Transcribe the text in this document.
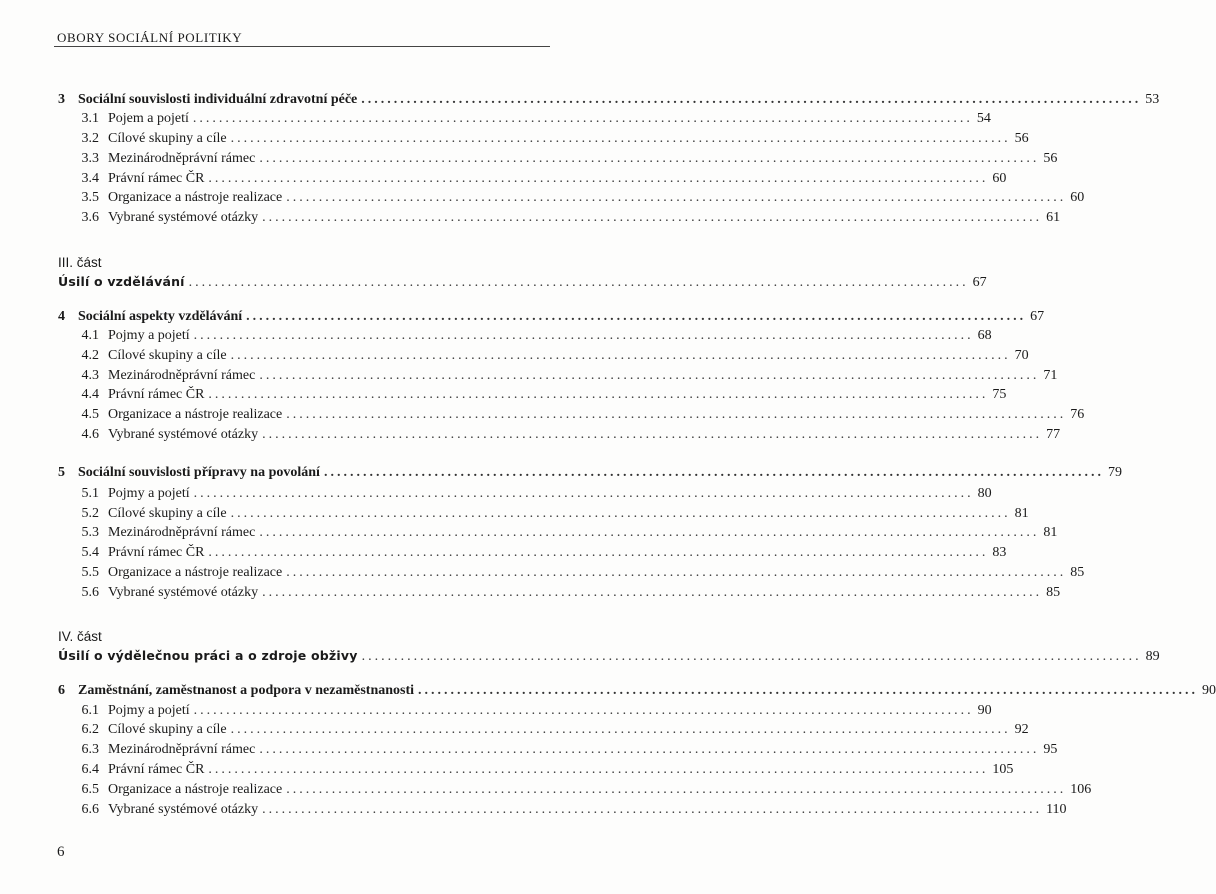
OBORY SOCIÁLNÍ POLITIKY
3 Sociální souvislosti individuální zdravotní péče ........................................................................................................................ 53
3.1 Pojem a pojetí ........................................................................................................................ 54
3.2 Cílové skupiny a cíle ........................................................................................................................ 56
3.3 Mezinárodněprávní rámec ........................................................................................................................ 56
3.4 Právní rámec ČR ........................................................................................................................ 60
3.5 Organizace a nástroje realizace ........................................................................................................................ 60
3.6 Vybrané systémové otázky ........................................................................................................................ 61
III. část
Úsilí o vzdělávání ........................................................................................................................ 67
4 Sociální aspekty vzdělávání ........................................................................................................................ 67
4.1 Pojmy a pojetí ........................................................................................................................ 68
4.2 Cílové skupiny a cíle ........................................................................................................................ 70
4.3 Mezinárodněprávní rámec ........................................................................................................................ 71
4.4 Právní rámec ČR ........................................................................................................................ 75
4.5 Organizace a nástroje realizace ........................................................................................................................ 76
4.6 Vybrané systémové otázky ........................................................................................................................ 77
5 Sociální souvislosti přípravy na povolání ........................................................................................................................ 79
5.1 Pojmy a pojetí ........................................................................................................................ 80
5.2 Cílové skupiny a cíle ........................................................................................................................ 81
5.3 Mezinárodněprávní rámec ........................................................................................................................ 81
5.4 Právní rámec ČR ........................................................................................................................ 83
5.5 Organizace a nástroje realizace ........................................................................................................................ 85
5.6 Vybrané systémové otázky ........................................................................................................................ 85
IV. část
Úsilí o výdělečnou práci a o zdroje obživy ........................................................................................................................ 89
6 Zaměstnání, zaměstnanost a podpora v nezaměstnanosti ........................................................................................................................ 90
6.1 Pojmy a pojetí ........................................................................................................................ 90
6.2 Cílové skupiny a cíle ........................................................................................................................ 92
6.3 Mezinárodněprávní rámec ........................................................................................................................ 95
6.4 Právní rámec ČR ........................................................................................................................ 105
6.5 Organizace a nástroje realizace ........................................................................................................................ 106
6.6 Vybrané systémové otázky ........................................................................................................................ 110
6
